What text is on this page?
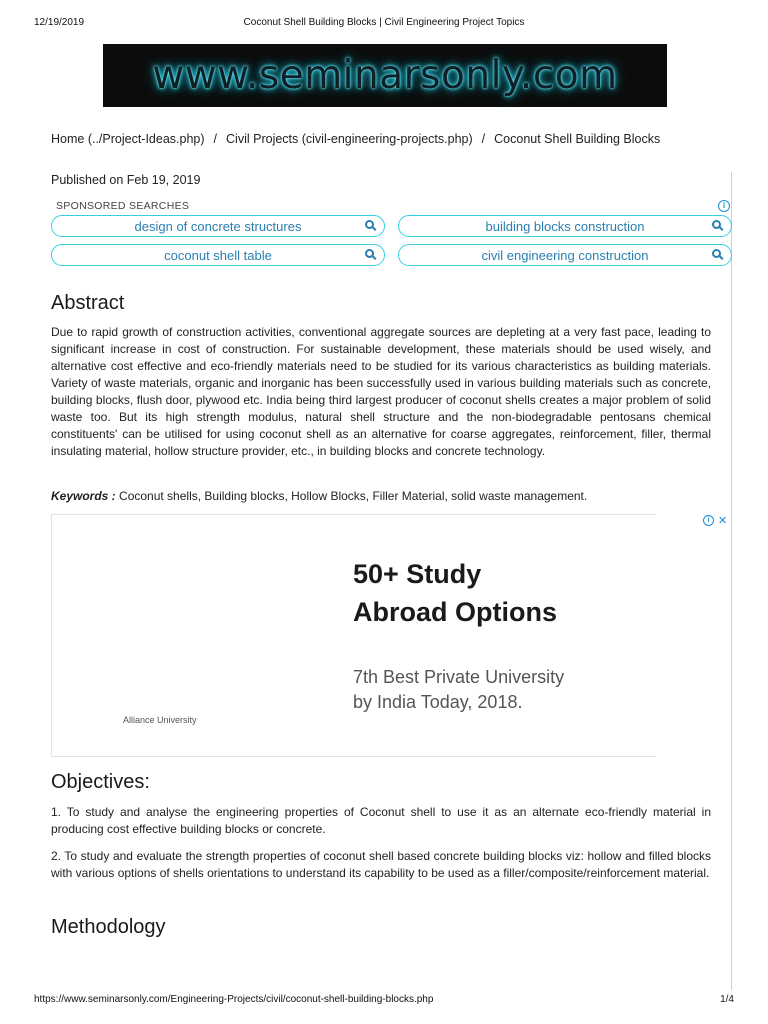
12/19/2019	Coconut Shell Building Blocks | Civil Engineering Project Topics
www.seminarsonly.com
Home (../Project-Ideas.php) / Civil Projects (civil-engineering-projects.php) / Coconut Shell Building Blocks
Published on Feb 19, 2019
SPONSORED SEARCHES	i
design of concrete structures	building blocks construction
coconut shell table	civil engineering construction
Abstract

Due to rapid growth of construction activities, conventional aggregate sources are depleting at a very fast pace, leading to significant increase in cost of construction. For sustainable development, these materials should be used wisely, and alternative cost effective and eco-friendly materials need to be studied for its various characteristics as building materials. Variety of waste materials, organic and inorganic has been successfully used in various building materials such as concrete, building blocks, flush door, plywood etc. India being third largest producer of coconut shells creates a major problem of solid waste too. But its high strength modulus, natural shell structure and the non-biodegradable pentosans chemical constituents' can be utilised for using coconut shell as an alternative for coarse aggregates, reinforcement, filler, thermal insulating material, hollow structure provider, etc., in building blocks and concrete technology.

Keywords : Coconut shells, Building blocks, Hollow Blocks, Filler Material, solid waste management.
50+ Study
Abroad Options
7th Best Private University
by India Today, 2018.
Alliance University
i ✕
Objectives:

1. To study and analyse the engineering properties of Coconut shell to use it as an alternate eco-friendly material in producing cost effective building blocks or concrete.

2. To study and evaluate the strength properties of coconut shell based concrete building blocks viz: hollow and filled blocks with various options of shells orientations to understand its capability to be used as a filler/composite/reinforcement material.

Methodology
https://www.seminarsonly.com/Engineering-Projects/civil/coconut-shell-building-blocks.php	1/4
